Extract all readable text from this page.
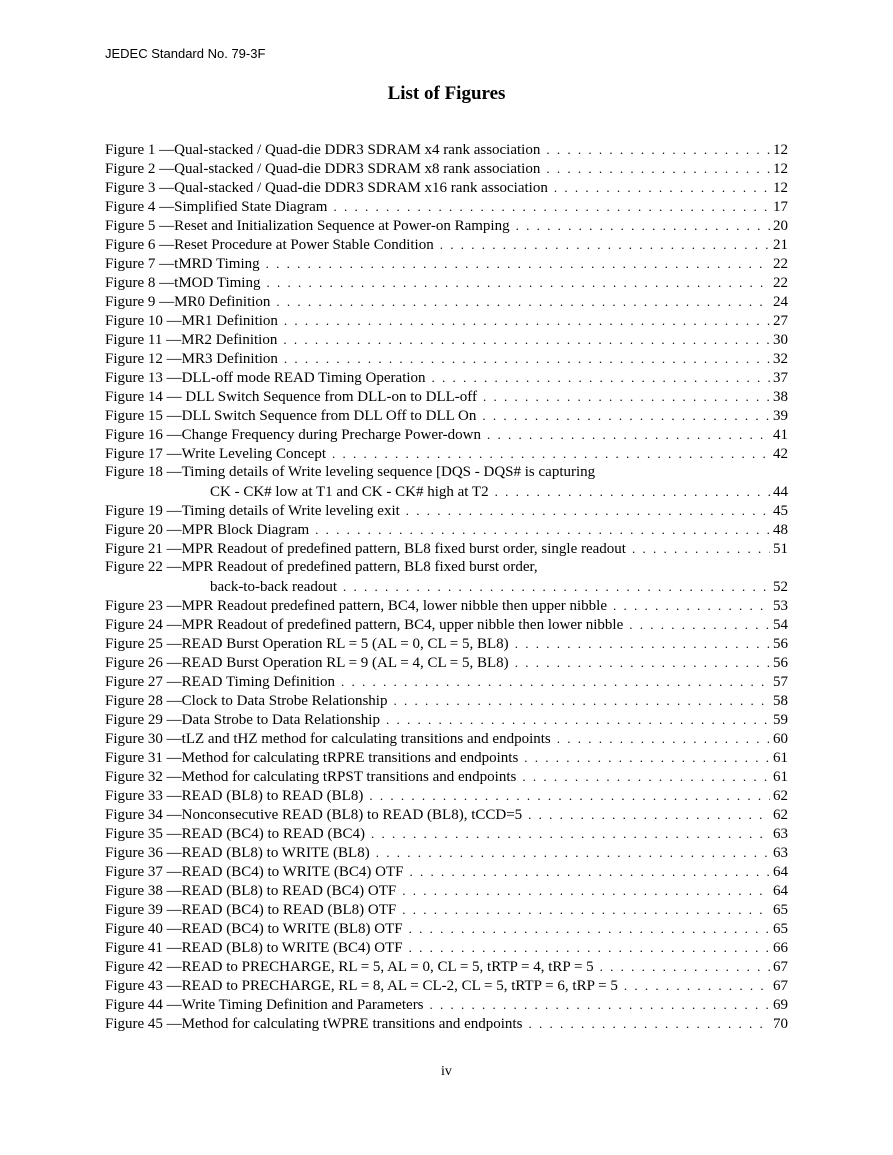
JEDEC Standard No. 79-3F
List of Figures
Figure 1 —Qual-stacked / Quad-die DDR3 SDRAM x4 rank association . . .	12
Figure 2 —Qual-stacked / Quad-die DDR3 SDRAM x8 rank association . . .	12
Figure 3 —Qual-stacked / Quad-die DDR3 SDRAM x16 rank association . . .	12
Figure 4 —Simplified State Diagram . . .	17
Figure 5 —Reset and Initialization Sequence at Power-on Ramping . . .	20
Figure 6 —Reset Procedure at Power Stable Condition . . .	21
Figure 7 —tMRD Timing . . .	22
Figure 8 —tMOD Timing . . .	22
Figure 9 —MR0 Definition . . .	24
Figure 10 —MR1 Definition . . .	27
Figure 11 —MR2 Definition . . .	30
Figure 12 —MR3 Definition . . .	32
Figure 13 —DLL-off mode READ Timing Operation . . .	37
Figure 14 — DLL Switch Sequence from DLL-on to DLL-off . . .	38
Figure 15 —DLL Switch Sequence from DLL Off to DLL On . . .	39
Figure 16 —Change Frequency during Precharge Power-down . . .	41
Figure 17 —Write Leveling Concept . . .	42
Figure 18 —Timing details of Write leveling sequence [DQS - DQS# is capturing
CK - CK# low at T1 and CK - CK# high at T2 . . .	44
Figure 19 —Timing details of Write leveling exit . . .	45
Figure 20 —MPR Block Diagram . . .	48
Figure 21 —MPR Readout of predefined pattern, BL8 fixed burst order, single readout . . .	51
Figure 22 —MPR Readout of predefined pattern, BL8 fixed burst order,
back-to-back readout . . .	52
Figure 23 —MPR Readout predefined pattern, BC4, lower nibble then upper nibble . . .	53
Figure 24 —MPR Readout of predefined pattern, BC4, upper nibble then lower nibble . . .	54
Figure 25 —READ Burst Operation RL = 5 (AL = 0, CL = 5, BL8) . . .	56
Figure 26 —READ Burst Operation RL = 9 (AL = 4, CL = 5, BL8) . . .	56
Figure 27 —READ Timing Definition . . .	57
Figure 28 —Clock to Data Strobe Relationship . . .	58
Figure 29 —Data Strobe to Data Relationship . . .	59
Figure 30 —tLZ and tHZ method for calculating transitions and endpoints . . .	60
Figure 31 —Method for calculating tRPRE transitions and endpoints . . .	61
Figure 32 —Method for calculating tRPST transitions and endpoints . . .	61
Figure 33 —READ (BL8) to READ (BL8) . . .	62
Figure 34 —Nonconsecutive READ (BL8) to READ (BL8), tCCD=5 . . .	62
Figure 35 —READ (BC4) to READ (BC4) . . .	63
Figure 36 —READ (BL8) to WRITE (BL8) . . .	63
Figure 37 —READ (BC4) to WRITE (BC4) OTF . . .	64
Figure 38 —READ (BL8) to READ (BC4) OTF . . .	64
Figure 39 —READ (BC4) to READ (BL8) OTF . . .	65
Figure 40 —READ (BC4) to WRITE (BL8) OTF . . .	65
Figure 41 —READ (BL8) to WRITE (BC4) OTF . . .	66
Figure 42 —READ to PRECHARGE, RL = 5, AL = 0, CL = 5, tRTP = 4, tRP = 5 . . .	67
Figure 43 —READ to PRECHARGE, RL = 8, AL = CL-2, CL = 5, tRTP = 6, tRP = 5 . . .	67
Figure 44 —Write Timing Definition and Parameters . . .	69
Figure 45 —Method for calculating tWPRE transitions and endpoints . . .	70
iv
